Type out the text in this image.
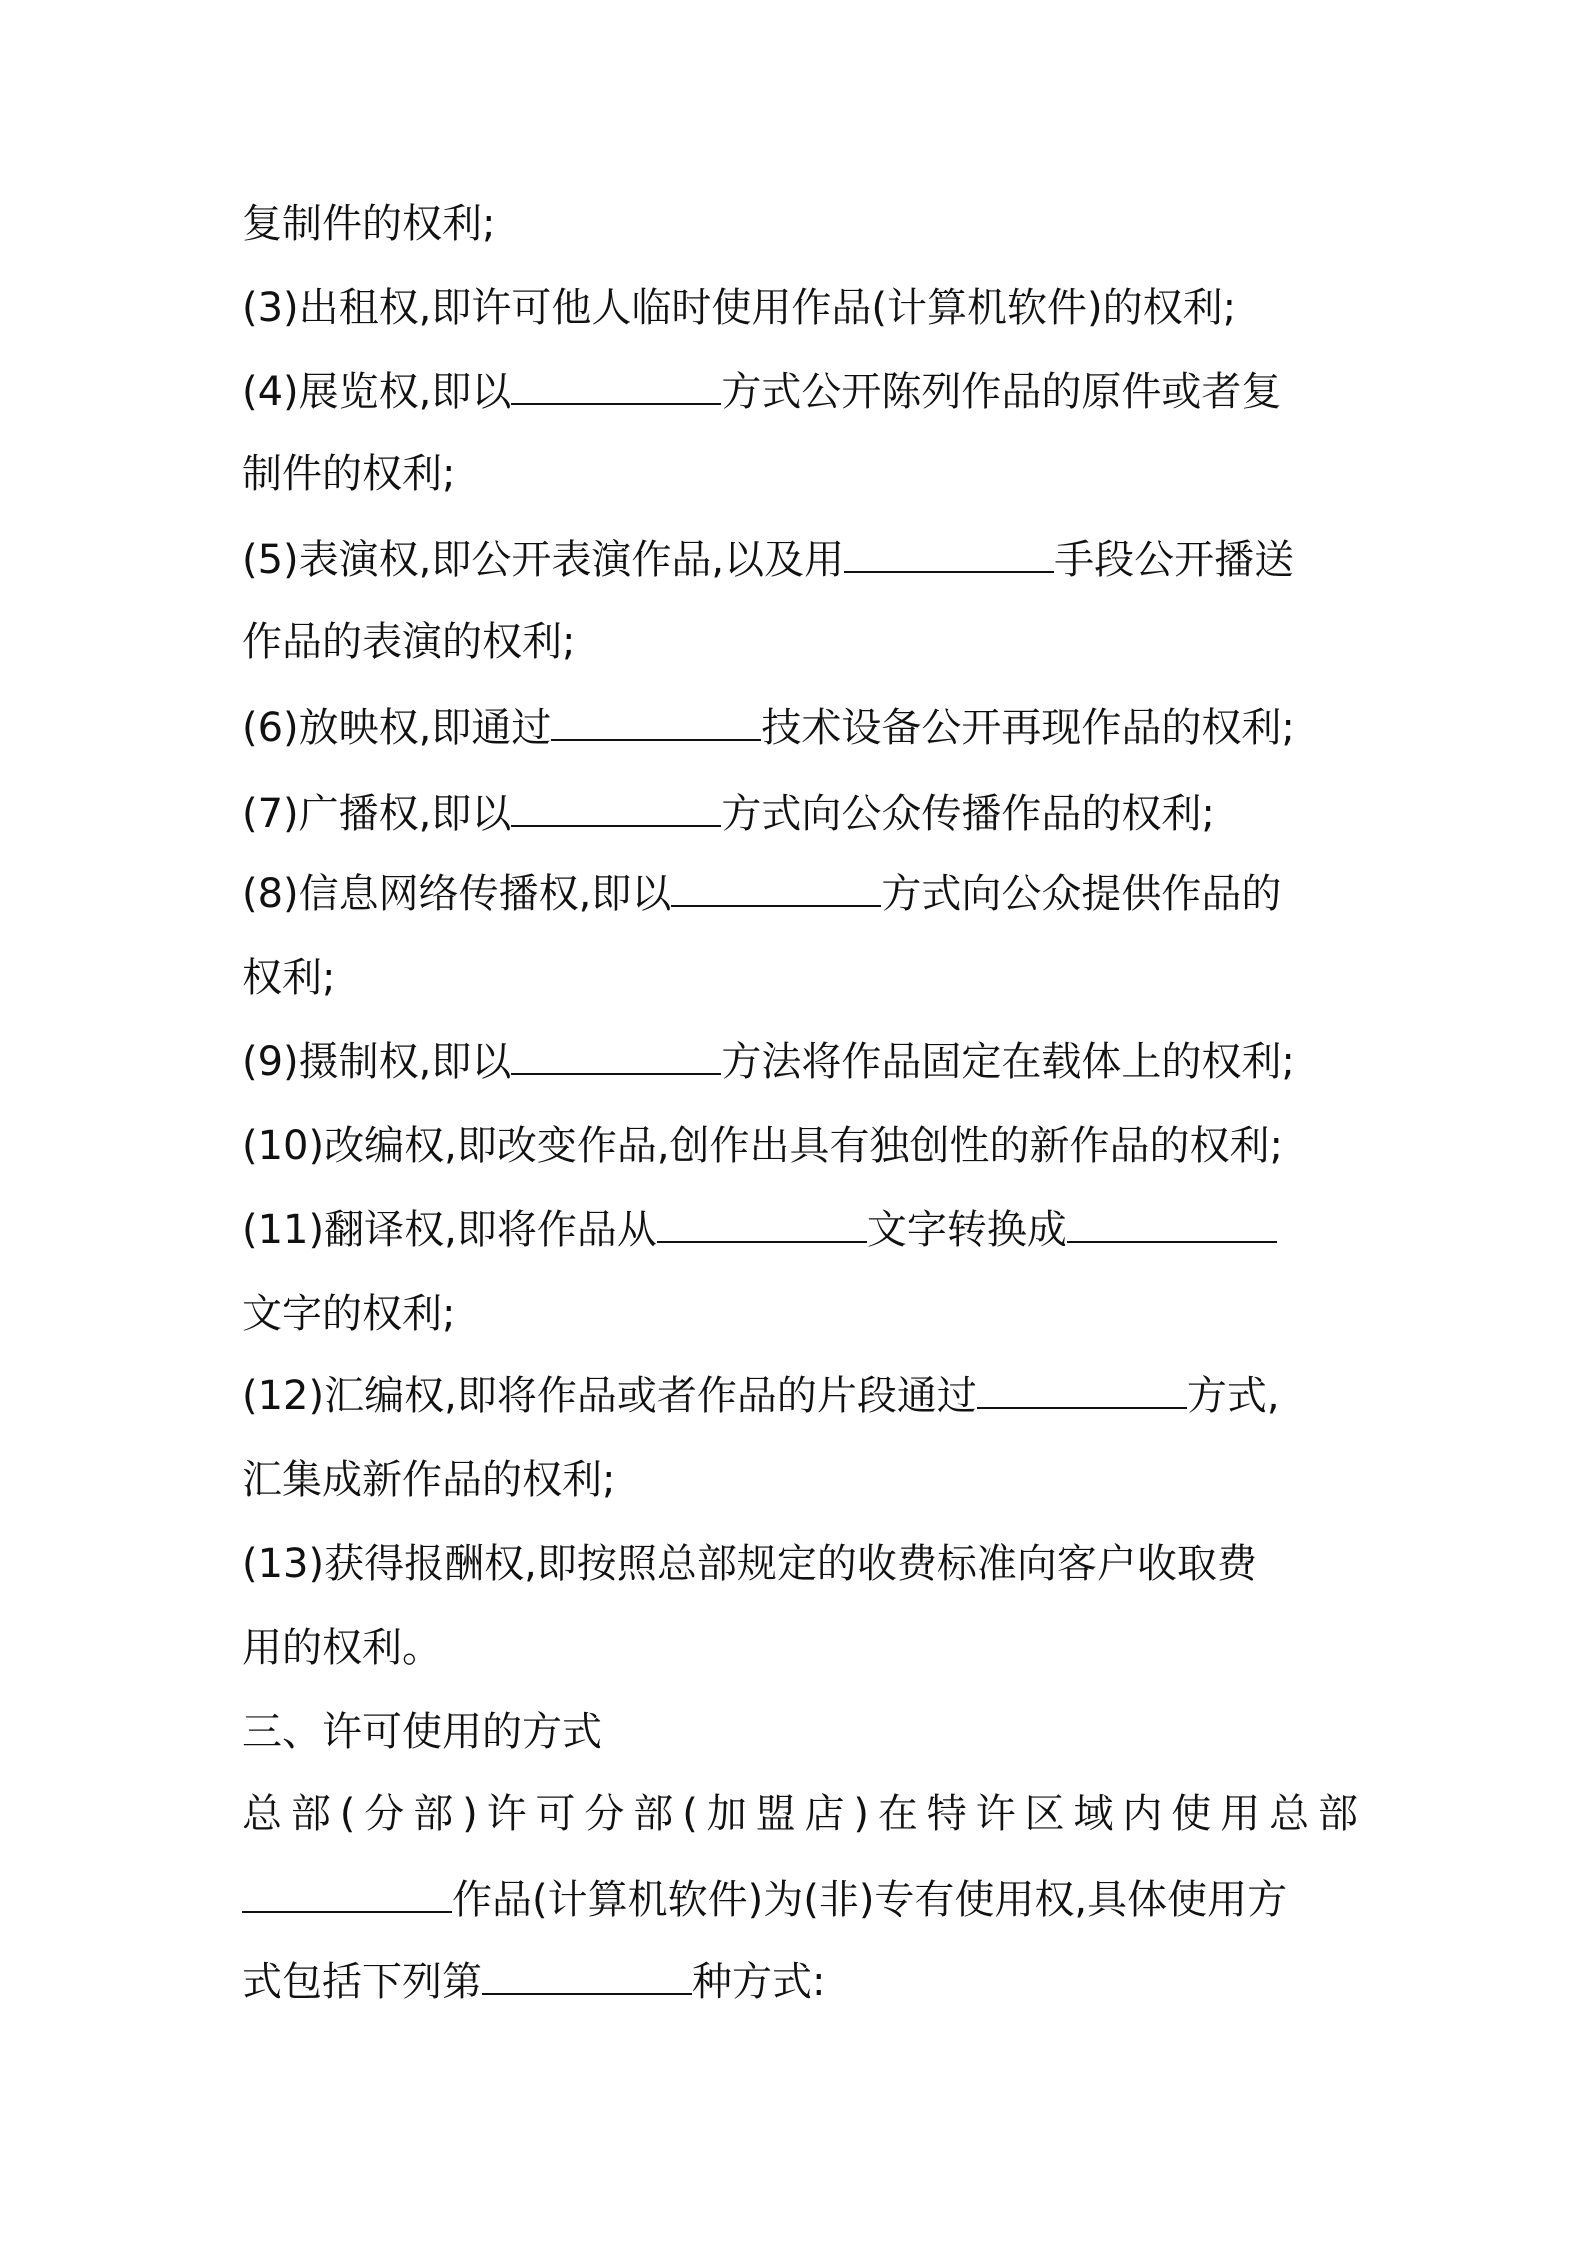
复制件的权利;
(3)出租权,即许可他人临时使用作品(计算机软件)的权利;
(4)展览权,即以	方式公开陈列作品的原件或者复
制件的权利;
(5)表演权,即公开表演作品,以及用	手段公开播送
作品的表演的权利;
(6)放映权,即通过	技术设备公开再现作品的权利;
(7)广播权,即以	方式向公众传播作品的权利;
(8)信息网络传播权,即以	方式向公众提供作品的
权利;
(9)摄制权,即以	方法将作品固定在载体上的权利;
(10)改编权,即改变作品,创作出具有独创性的新作品的权利;
(11)翻译权,即将作品从	文字转换成
文字的权利;
(12)汇编权,即将作品或者作品的片段通过	方式,
汇集成新作品的权利;
(13)获得报酬权,即按照总部规定的收费标准向客户收取费
用的权利。
三、许可使用的方式
总部(分部)许可分部(加盟店)在特许区域内使用总部
作品(计算机软件)为(非)专有使用权,具体使用方
式包括下列第	种方式:
